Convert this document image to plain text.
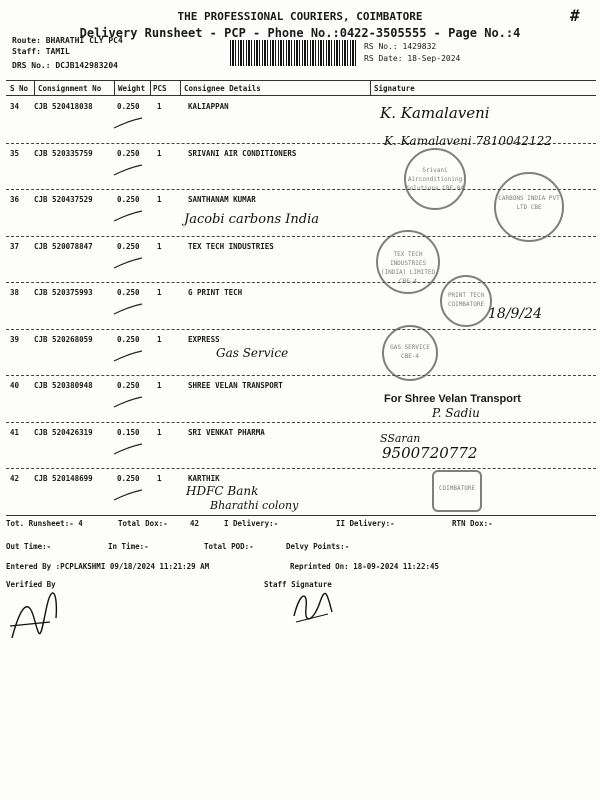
THE PROFESSIONAL COURIERS, COIMBATORE
Delivery Runsheet - PCP - Phone No.:0422-3505555 - Page No.:4
Route: BHARATHI CLY PC4
Staff: TAMIL
DRS No.: DCJB142983204
RS No.: 1429832
RS Date: 18-Sep-2024
#
S No Consignment No Weight PCS Consignee Details	Signature
34 CJB 520418038	0.250 1	KALIAPPAN
35 CJB 520335759	0.250 1	SRIVANI AIR CONDITIONERS
36 CJB 520437529	0.250 1	SANTHANAM KUMAR
37 CJB 520078847	0.250 1	TEX TECH INDUSTRIES
38 CJB 520375993	0.250 1	G PRINT TECH
39 CJB 520268059	0.250 1	EXPRESS
40 CJB 520380948	0.250 1	SHREE VELAN TRANSPORT
41 CJB 520426319	0.150 1	SRI VENKAT PHARMA
42 CJB 520148699	0.250 1	KARTHIK
K. Kamalaveni
K. Kamalaveni 7810042122
Jacobi carbons India
18/9/24
Gas Service
For Shree Velan Transport
P. Sadiu
SSaran
9500720772
HDFC Bank
Bharathi colony
Srivani Airconditioning Solutions CBE-04
CARBONS INDIA PVT LTD CBE
TEX TECH INDUSTRIES (INDIA) LIMITED CBE-4
PRINT TECH COIMBATORE
GAS SERVICE CBE-4
COIMBATORE
Tot. Runsheet:- 4	Total Dox:-	42	I Delivery:-	II Delivery:-	RTN Dox:-
Out Time:-	In Time:-	Total POD:-	Delvy Points:-
Entered By :PCPLAKSHMI 09/18/2024 11:21:29 AM	Reprinted On: 18-09-2024 11:22:45
Verified By	Staff Signature
